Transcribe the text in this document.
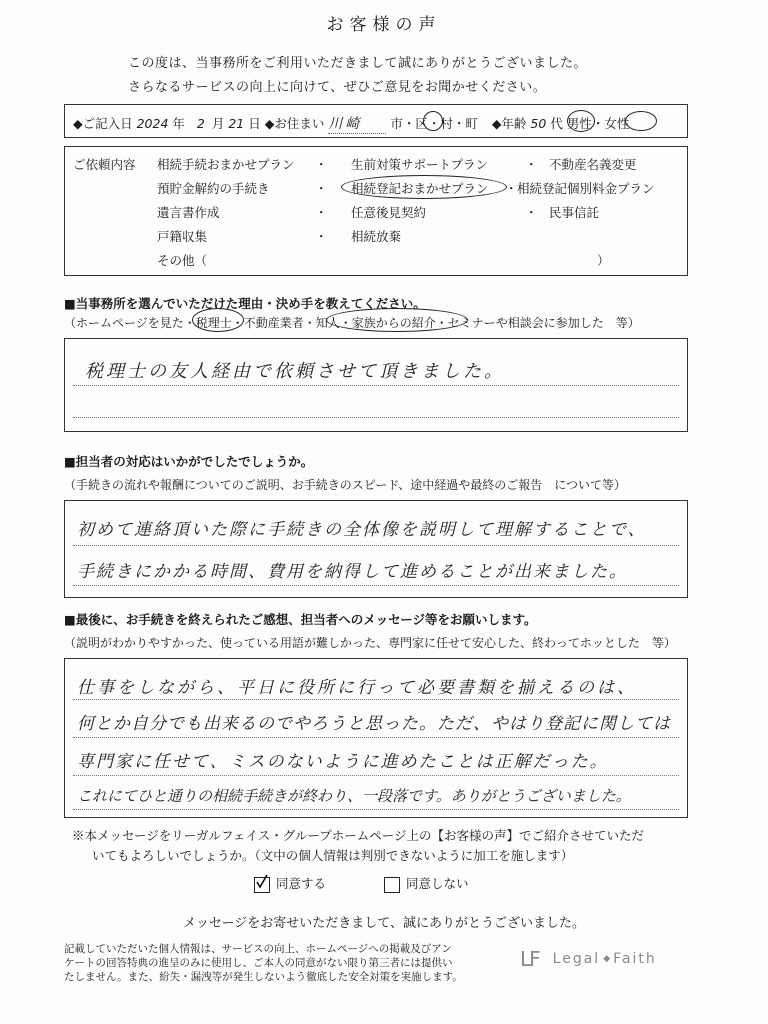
お客様の声
この度は、当事務所をご利用いただきまして誠にありがとうございました。
さらなるサービスの向上に向けて、ぜひご意見をお聞かせください。
◆ご記入日 2024 年 2 月 21 日 ◆お住まい 川崎 市・区・村・町 ◆年齢 50 代 男性・女性
ご依頼内容 相続手続おまかせプラン ・ 生前対策サポートプラン	・ 不動産名義変更
預貯金解約の手続き	・ 相続登記おまかせプラン ・ 相続登記個別料金プラン
遺言書作成	・ 任意後見契約	・ 民事信託
戸籍収集	・ 相続放棄
その他（	）
■当事務所を選んでいただけた理由・決め手を教えてください。
（ホームページを見た・税理士・不動産業者・知人・家族からの紹介・セミナーや相談会に参加した　等）
税理士の友人経由で依頼させて頂きました。
■担当者の対応はいかがでしたでしょうか。
（手続きの流れや報酬についてのご説明、お手続きのスピード、途中経過や最終のご報告　について等）
初めて連絡頂いた際に手続きの全体像を説明して理解することで、
手続きにかかる時間、費用を納得して進めることが出来ました。
■最後に、お手続きを終えられたご感想、担当者へのメッセージ等をお願いします。
（説明がわかりやすかった、使っている用語が難しかった、専門家に任せて安心した、終わってホッとした　等）
仕事をしながら、平日に役所に行って必要書類を揃えるのは、
何とか自分でも出来るのでやろうと思った。ただ、やはり登記に関しては
専門家に任せて、ミスのないように進めたことは正解だった。
これにてひと通りの相続手続きが終わり、一段落です。ありがとうございました。
※本メッセージをリーガルフェイス・グループホームページ上の【お客様の声】でご紹介させていただ
いてもよろしいでしょうか。（文中の個人情報は判別できないように加工を施します）
同意する	同意しない
メッセージをお寄せいただきまして、誠にありがとうございました。
記載していただいた個人情報は、サービスの向上、ホームページへの掲載及びアン
ケートの回答特典の進呈のみに使用し、ご本人の同意がない限り第三者には提供い
たしません。また、紛失・漏洩等が発生しないよう徹底した安全対策を実施します。
LF Legal ◆ Faith
